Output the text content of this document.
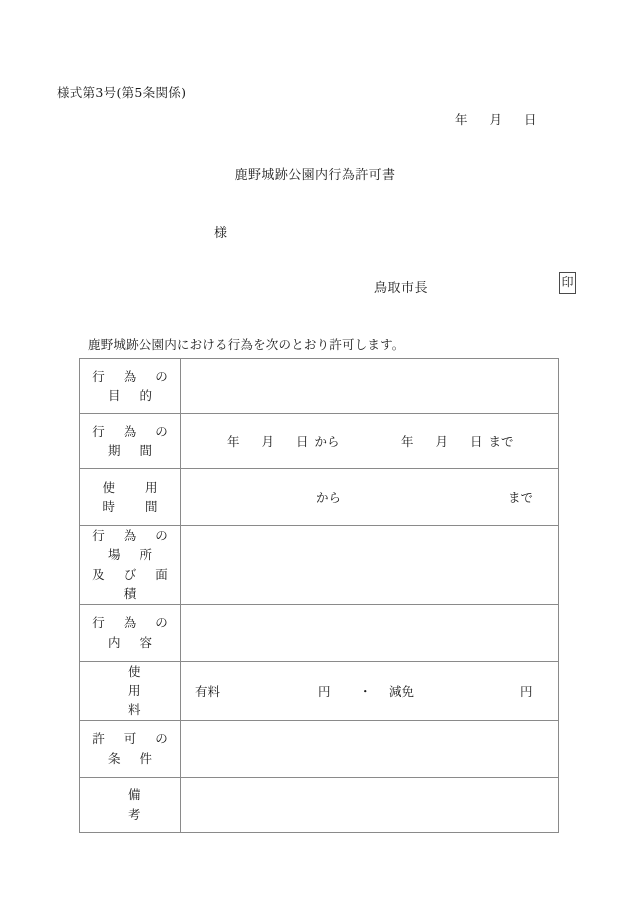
様式第3号(第5条関係)
年 月 日
鹿野城跡公園内行為許可書
様
鳥取市長	印
鹿野城跡公園内における行為を次のとおり許可します。
行 為 の 目 的	

行 為 の 期 間	年 月 日 から 年 月 日 まで

使 用 時 間	から まで

行 為 の 場 所
及 び 面 積	

行 為 の 内 容	

使 用 料	有料 円 ・ 減免 円

許 可 の 条 件	

備 考	
